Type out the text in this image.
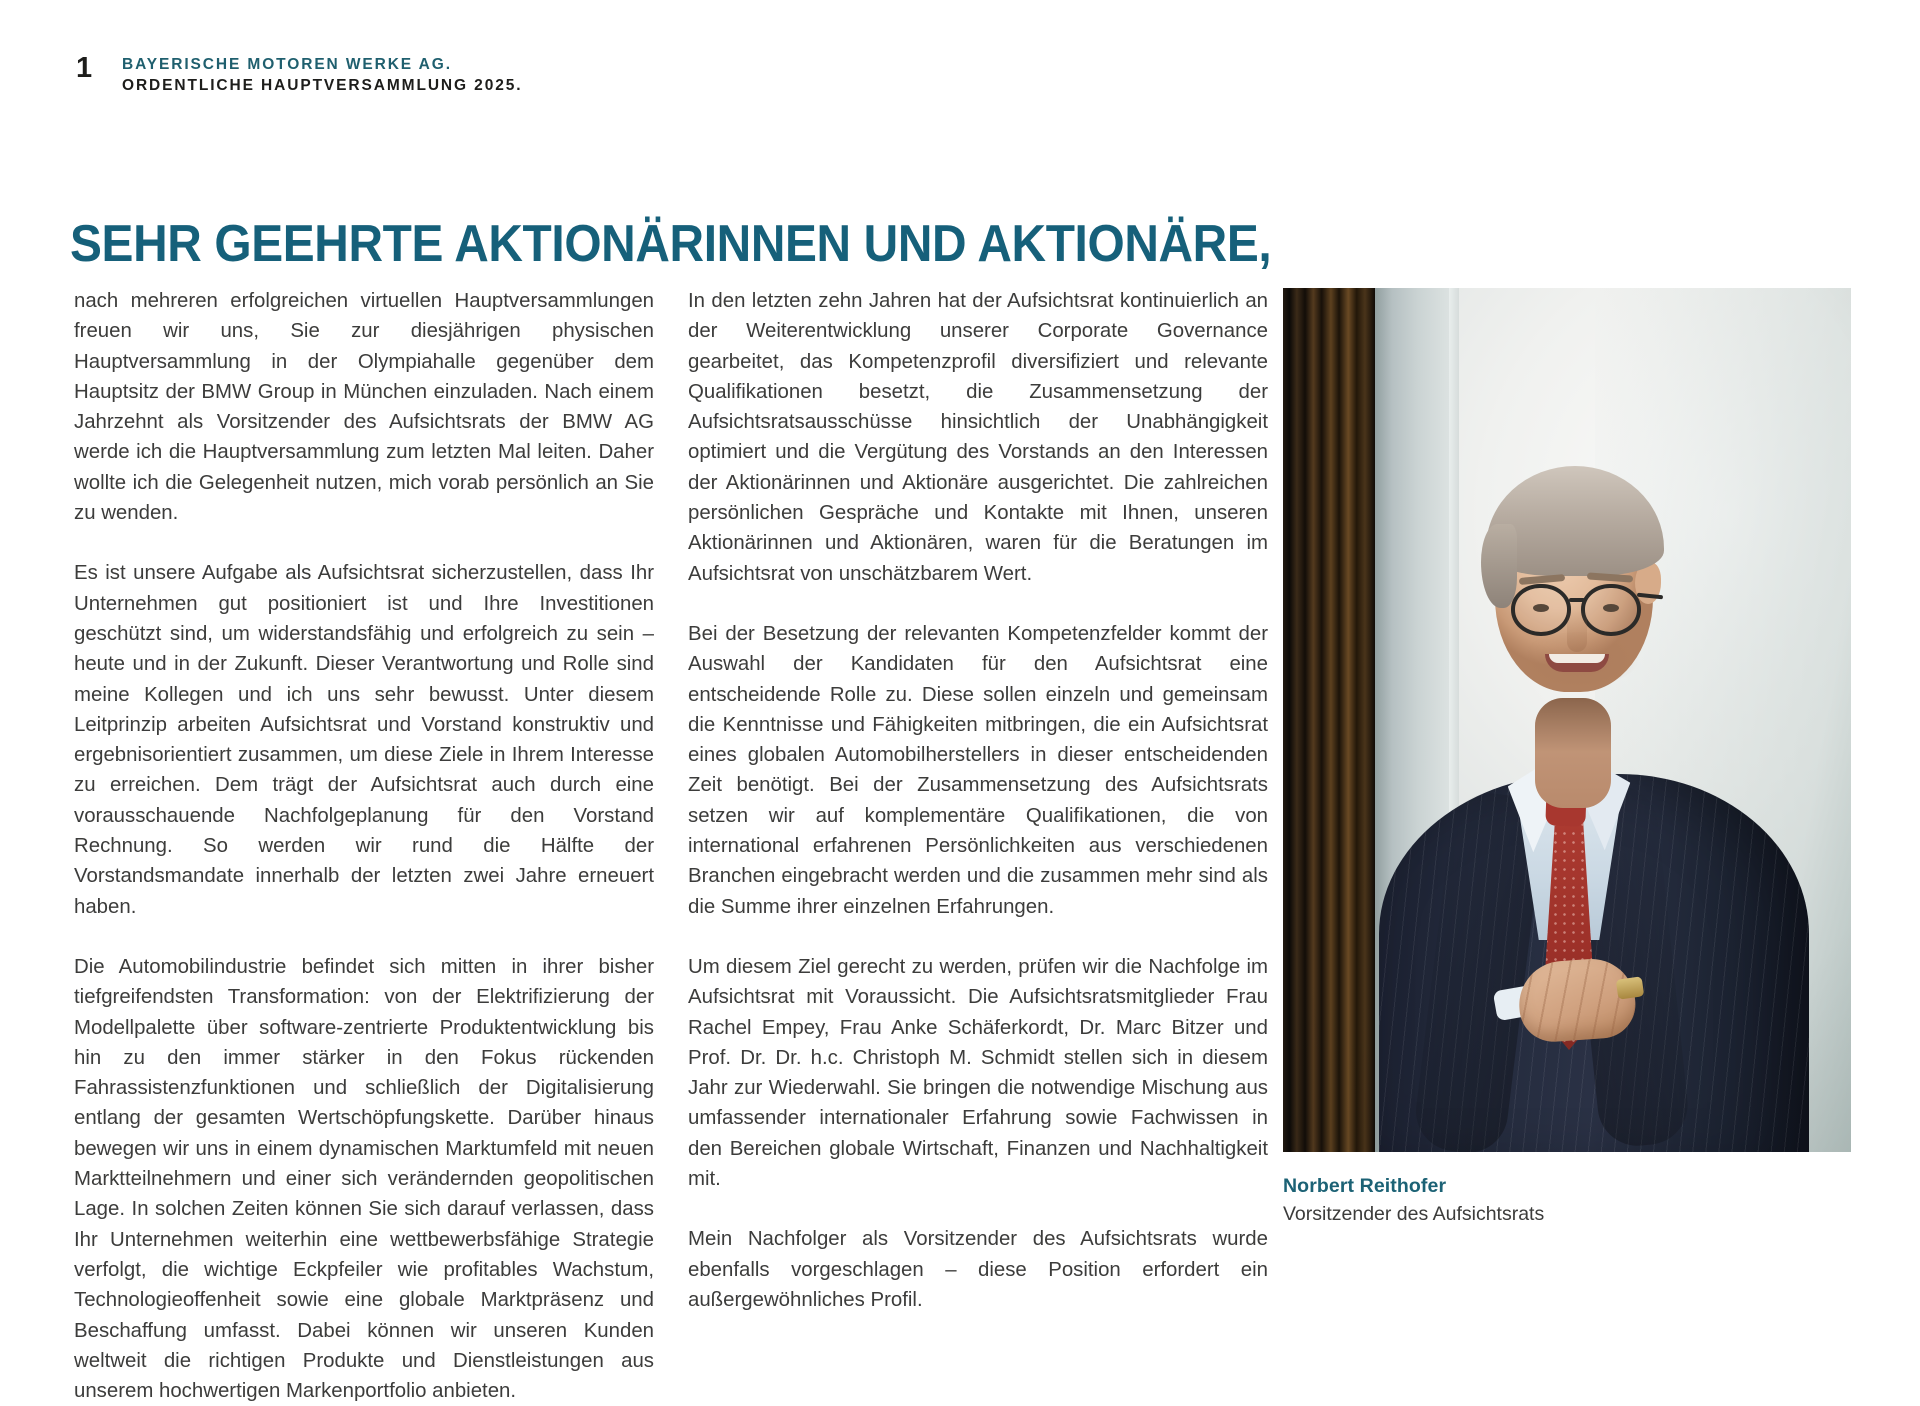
1	BAYERISCHE MOTOREN WERKE AG.
ORDENTLICHE HAUPTVERSAMMLUNG 2025.
SEHR GEEHRTE AKTIONÄRINNEN UND AKTIONÄRE,

nach mehreren erfolgreichen virtuellen Hauptversammlungen freuen wir uns, Sie zur diesjährigen physischen Hauptversammlung in der Olympiahalle gegenüber dem Hauptsitz der BMW Group in München einzuladen. Nach einem Jahrzehnt als Vorsitzender des Aufsichtsrats der BMW AG werde ich die Hauptversammlung zum letzten Mal leiten. Daher wollte ich die Gelegenheit nutzen, mich vorab persönlich an Sie zu wenden.

Es ist unsere Aufgabe als Aufsichtsrat sicherzustellen, dass Ihr Unternehmen gut positioniert ist und Ihre Investitionen geschützt sind, um widerstandsfähig und erfolgreich zu sein – heute und in der Zukunft. Dieser Verantwortung und Rolle sind meine Kollegen und ich uns sehr bewusst. Unter diesem Leitprinzip arbeiten Aufsichtsrat und Vorstand konstruktiv und ergebnisorientiert zusammen, um diese Ziele in Ihrem Interesse zu erreichen. Dem trägt der Aufsichtsrat auch durch eine vorausschauende Nachfolgeplanung für den Vorstand Rechnung. So werden wir rund die Hälfte der Vorstandsmandate innerhalb der letzten zwei Jahre erneuert haben.

Die Automobilindustrie befindet sich mitten in ihrer bisher tiefgreifendsten Transformation: von der Elektrifizierung der Modellpalette über software-zentrierte Produktentwicklung bis hin zu den immer stärker in den Fokus rückenden Fahrassistenzfunktionen und schließlich der Digitalisierung entlang der gesamten Wertschöpfungskette. Darüber hinaus bewegen wir uns in einem dynamischen Marktumfeld mit neuen Marktteilnehmern und einer sich verändernden geopolitischen Lage. In solchen Zeiten können Sie sich darauf verlassen, dass Ihr Unternehmen weiterhin eine wettbewerbsfähige Strategie verfolgt, die wichtige Eckpfeiler wie profitables Wachstum, Technologieoffenheit sowie eine globale Marktpräsenz und Beschaffung umfasst. Dabei können wir unseren Kunden weltweit die richtigen Produkte und Dienstleistungen aus unserem hochwertigen Markenportfolio anbieten.

In den letzten zehn Jahren hat der Aufsichtsrat kontinuierlich an der Weiterentwicklung unserer Corporate Governance gearbeitet, das Kompetenzprofil diversifiziert und relevante Qualifikationen besetzt, die Zusammensetzung der Aufsichtsratsausschüsse hinsichtlich der Unabhängigkeit optimiert und die Vergütung des Vorstands an den Interessen der Aktionärinnen und Aktionäre ausgerichtet. Die zahlreichen persönlichen Gespräche und Kontakte mit Ihnen, unseren Aktionärinnen und Aktionären, waren für die Beratungen im Aufsichtsrat von unschätzbarem Wert.

Bei der Besetzung der relevanten Kompetenzfelder kommt der Auswahl der Kandidaten für den Aufsichtsrat eine entscheidende Rolle zu. Diese sollen einzeln und gemeinsam die Kenntnisse und Fähigkeiten mitbringen, die ein Aufsichtsrat eines globalen Automobilherstellers in dieser entscheidenden Zeit benötigt. Bei der Zusammensetzung des Aufsichtsrats setzen wir auf komplementäre Qualifikationen, die von international erfahrenen Persönlichkeiten aus verschiedenen Branchen eingebracht werden und die zusammen mehr sind als die Summe ihrer einzelnen Erfahrungen.

Um diesem Ziel gerecht zu werden, prüfen wir die Nachfolge im Aufsichtsrat mit Voraussicht. Die Aufsichtsratsmitglieder Frau Rachel Empey, Frau Anke Schäferkordt, Dr. Marc Bitzer und Prof. Dr. Dr. h.c. Christoph M. Schmidt stellen sich in diesem Jahr zur Wiederwahl. Sie bringen die notwendige Mischung aus umfassender internationaler Erfahrung sowie Fachwissen in den Bereichen globale Wirtschaft, Finanzen und Nachhaltigkeit mit.

Mein Nachfolger als Vorsitzender des Aufsichtsrats wurde ebenfalls vorgeschlagen – diese Position erfordert ein außergewöhnliches Profil.

Norbert Reithofer
Vorsitzender des Aufsichtsrats
